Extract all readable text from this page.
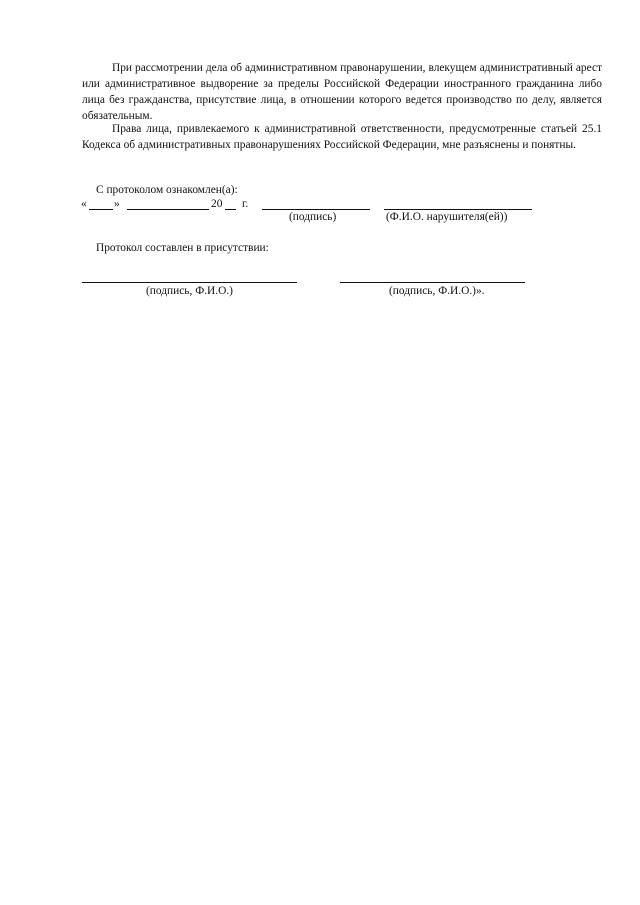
При рассмотрении дела об административном правонарушении, влекущем административный арест или административное выдворение за пределы Российской Федерации иностранного гражданина либо лица без гражданства, присутствие лица, в отношении которого ведется производство по делу, является обязательным.

Права лица, привлекаемого к административной ответственности, предусмотренные статьей 25.1 Кодекса об административных правонарушениях Российской Федерации, мне разъяснены и понятны.

С протоколом ознакомлен(а):
« »	20 г.
(подпись)	(Ф.И.О. нарушителя(ей))
Протокол составлен в присутствии:
(подпись, Ф.И.О.)	(подпись, Ф.И.О.)».
